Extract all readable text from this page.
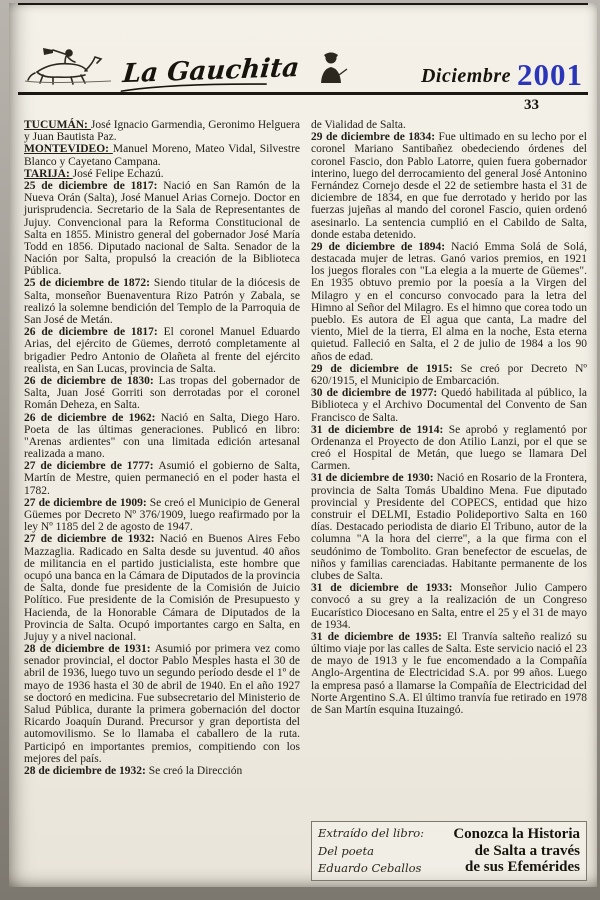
La Gauchita	Diciembre 2001
33

TUCUMÁN: José Ignacio Garmendia, Geronimo Helguera y Juan Bautista Paz.

MONTEVIDEO: Manuel Moreno, Mateo Vidal, Silvestre Blanco y Cayetano Campana.

TARIJA: José Felipe Echazú.

25 de diciembre de 1817: Nació en San Ramón de la Nueva Orán (Salta), José Manuel Arias Cornejo. Doctor en jurisprudencia. Secretario de la Sala de Representantes de Jujuy. Convencional para la Reforma Constitucional de Salta en 1855. Ministro general del gobernador José María Todd en 1856. Diputado nacional de Salta. Senador de la Nación por Salta, propulsó la creación de la Biblioteca Pública.

25 de diciembre de 1872: Siendo titular de la diócesis de Salta, monseñor Buenaventura Rizo Patrón y Zabala, se realizó la solemne bendición del Templo de la Parroquia de San José de Metán.

26 de diciembre de 1817: El coronel Manuel Eduardo Arias, del ejército de Güemes, derrotó completamente al brigadier Pedro Antonio de Olañeta al frente del ejército realista, en San Lucas, provincia de Salta.

26 de diciembre de 1830: Las tropas del gobernador de Salta, Juan José Gorriti son derrotadas por el coronel Román Deheza, en Salta.

26 de diciembre de 1962: Nació en Salta, Diego Haro. Poeta de las últimas generaciones. Publicó en libro: "Arenas ardientes" con una limitada edición artesanal realizada a mano.

27 de diciembre de 1777: Asumió el gobierno de Salta, Martín de Mestre, quien permaneció en el poder hasta el 1782.

27 de diciembre de 1909: Se creó el Municipio de General Güemes por Decreto Nº 376/1909, luego reafirmado por la ley Nº 1185 del 2 de agosto de 1947.

27 de diciembre de 1932: Nació en Buenos Aires Febo Mazzaglia. Radicado en Salta desde su juventud. 40 años de militancia en el partido justicialista, este hombre que ocupó una banca en la Cámara de Diputados de la provincia de Salta, donde fue presidente de la Comisión de Juicio Político. Fue presidente de la Comisión de Presupuesto y Hacienda, de la Honorable Cámara de Diputados de la Provincia de Salta. Ocupó importantes cargo en Salta, en Jujuy y a nivel nacional.

28 de diciembre de 1931: Asumió por primera vez como senador provincial, el doctor Pablo Mesples hasta el 30 de abril de 1936, luego tuvo un segundo período desde el 1º de mayo de 1936 hasta el 30 de abril de 1940. En el año 1927 se doctoró en medicina. Fue subsecretario del Ministerio de Salud Pública, durante la primera gobernación del doctor Ricardo Joaquín Durand. Precursor y gran deportista del automovilismo. Se lo llamaba el caballero de la ruta. Participó en importantes premios, compitiendo con los mejores del país.

28 de diciembre de 1932: Se creó la Dirección

de Vialidad de Salta.

29 de diciembre de 1834: Fue ultimado en su lecho por el coronel Mariano Santibañez obedeciendo órdenes del coronel Fascio, don Pablo Latorre, quien fuera gobernador interino, luego del derrocamiento del general José Antonino Fernández Cornejo desde el 22 de setiembre hasta el 31 de diciembre de 1834, en que fue derrotado y herido por las fuerzas jujeñas al mando del coronel Fascio, quien ordenó asesinarlo. La sentencia cumplió en el Cabildo de Salta, donde estaba detenido.

29 de diciembre de 1894: Nació Emma Solá de Solá, destacada mujer de letras. Ganó varios premios, en 1921 los juegos florales con "La elegia a la muerte de Güemes". En 1935 obtuvo premio por la poesía a la Virgen del Milagro y en el concurso convocado para la letra del Himno al Señor del Milagro. Es el himno que corea todo un pueblo. Es autora de El agua que canta, La madre del viento, Miel de la tierra, El alma en la noche, Esta eterna quietud. Falleció en Salta, el 2 de julio de 1984 a los 90 años de edad.

29 de diciembre de 1915: Se creó por Decreto Nº 620/1915, el Municipio de Embarcación.

30 de diciembre de 1977: Quedó habilitada al público, la Biblioteca y el Archivo Documental del Convento de San Francisco de Salta.

31 de diciembre de 1914: Se aprobó y reglamentó por Ordenanza el Proyecto de don Atilio Lanzi, por el que se creó el Hospital de Metán, que luego se llamara Del Carmen.

31 de diciembre de 1930: Nació en Rosario de la Frontera, provincia de Salta Tomás Ubaldino Mena. Fue diputado provincial y Presidente del COPECS, entidad que hizo construir el DELMI, Estadio Polideportivo Salta en 160 días. Destacado periodista de diario El Tribuno, autor de la columna "A la hora del cierre", a la que firma con el seudónimo de Tombolito. Gran benefector de escuelas, de niños y familias carenciadas. Habitante permanente de los clubes de Salta.

31 de diciembre de 1933: Monseñor Julio Campero convocó a su grey a la realización de un Congreso Eucarístico Diocesano en Salta, entre el 25 y el 31 de mayo de 1934.

31 de diciembre de 1935: El Tranvía salteño realizó su último viaje por las calles de Salta. Este servicio nació el 23 de mayo de 1913 y le fue encomendado a la Compañía Anglo-Argentina de Electricidad S.A. por 99 años. Luego la empresa pasó a llamarse la Compañía de Electricidad del Norte Argentino S.A. El último tranvía fue retirado en 1978 de San Martín esquina Ituzaingó.

Extraído del libro:
Del poeta
Eduardo Ceballos
Conozca la Historia
de Salta a través
de sus Efemérides
